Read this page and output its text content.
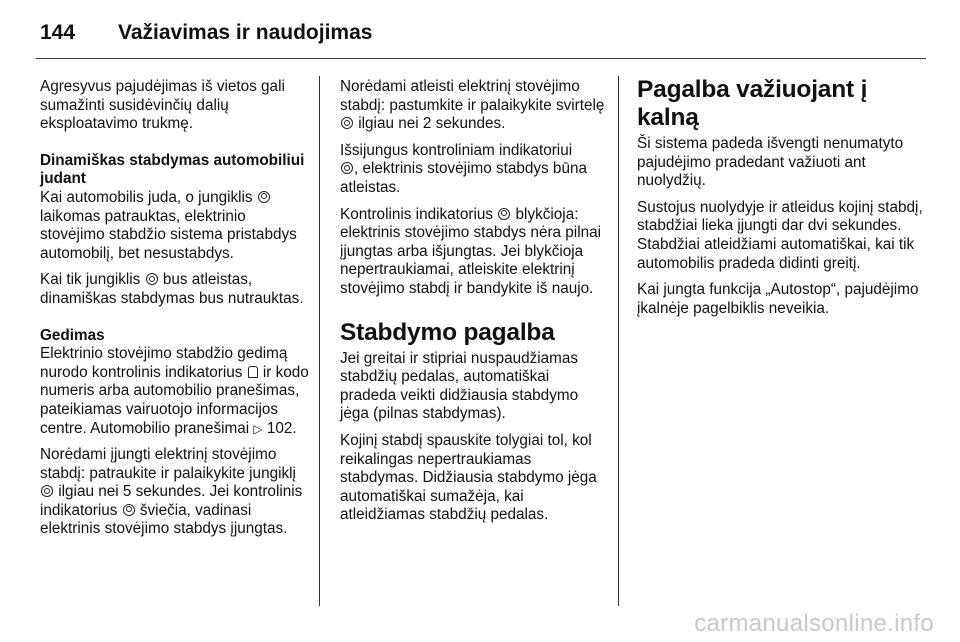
144	Važiavimas ir naudojimas

Agresyvus pajudėjimas iš vietos gali sumažinti susidėvinčių dalių eksploatavimo trukmę.

Dinamiškas stabdymas automobiliui judant

Kai automobilis juda, o jungiklis
laikomas patrauktas, elektrinio stovėjimo stabdžio sistema pristabdys automobilį, bet nesustabdys.

Kai tik jungiklis bus atleistas, dinamiškas stabdymas bus nutrauktas.

Gedimas

Elektrinio stovėjimo stabdžio gedimą nurodo kontrolinis indikatorius ir kodo numeris arba automobilio pranešimas, pateikiamas vairuotojo informacijos centre. Automobilio pranešimai ▷ 102.

Norėdami įjungti elektrinį stovėjimo stabdį: patraukite ir palaikykite jungiklį
ilgiau nei 5 sekundes. Jei kontrolinis indikatorius šviečia, vadinasi elektrinis stovėjimo stabdys įjungtas.

Norėdami atleisti elektrinį stovėjimo stabdį: pastumkite ir palaikykite svirtelę  ilgiau nei 2 sekundes.

Išsijungus kontroliniam indikatoriui
, elektrinis stovėjimo stabdys būna atleistas.

Kontrolinis indikatorius blykčioja: elektrinis stovėjimo stabdys nėra pilnai įjungtas arba išjungtas. Jei blykčioja nepertraukiamai, atleiskite elektrinį stovėjimo stabdį ir bandykite iš naujo.

Stabdymo pagalba

Jei greitai ir stipriai nuspaudžiamas stabdžių pedalas, automatiškai pradeda veikti didžiausia stabdymo jėga (pilnas stabdymas).

Kojinį stabdį spauskite tolygiai tol, kol reikalingas nepertraukiamas stabdymas. Didžiausia stabdymo jėga automatiškai sumažėja, kai atleidžiamas stabdžių pedalas.

Pagalba važiuojant į kalną

Ši sistema padeda išvengti nenumatyto pajudėjimo pradedant važiuoti ant nuolydžių.

Sustojus nuolydyje ir atleidus kojinį stabdį, stabdžiai lieka įjungti dar dvi sekundes. Stabdžiai atleidžiami automatiškai, kai tik automobilis pradeda didinti greitį.

Kai jungta funkcija „Autostop“, pajudėjimo įkalnėje pagelbiklis neveikia.

carmanualsonline.info
